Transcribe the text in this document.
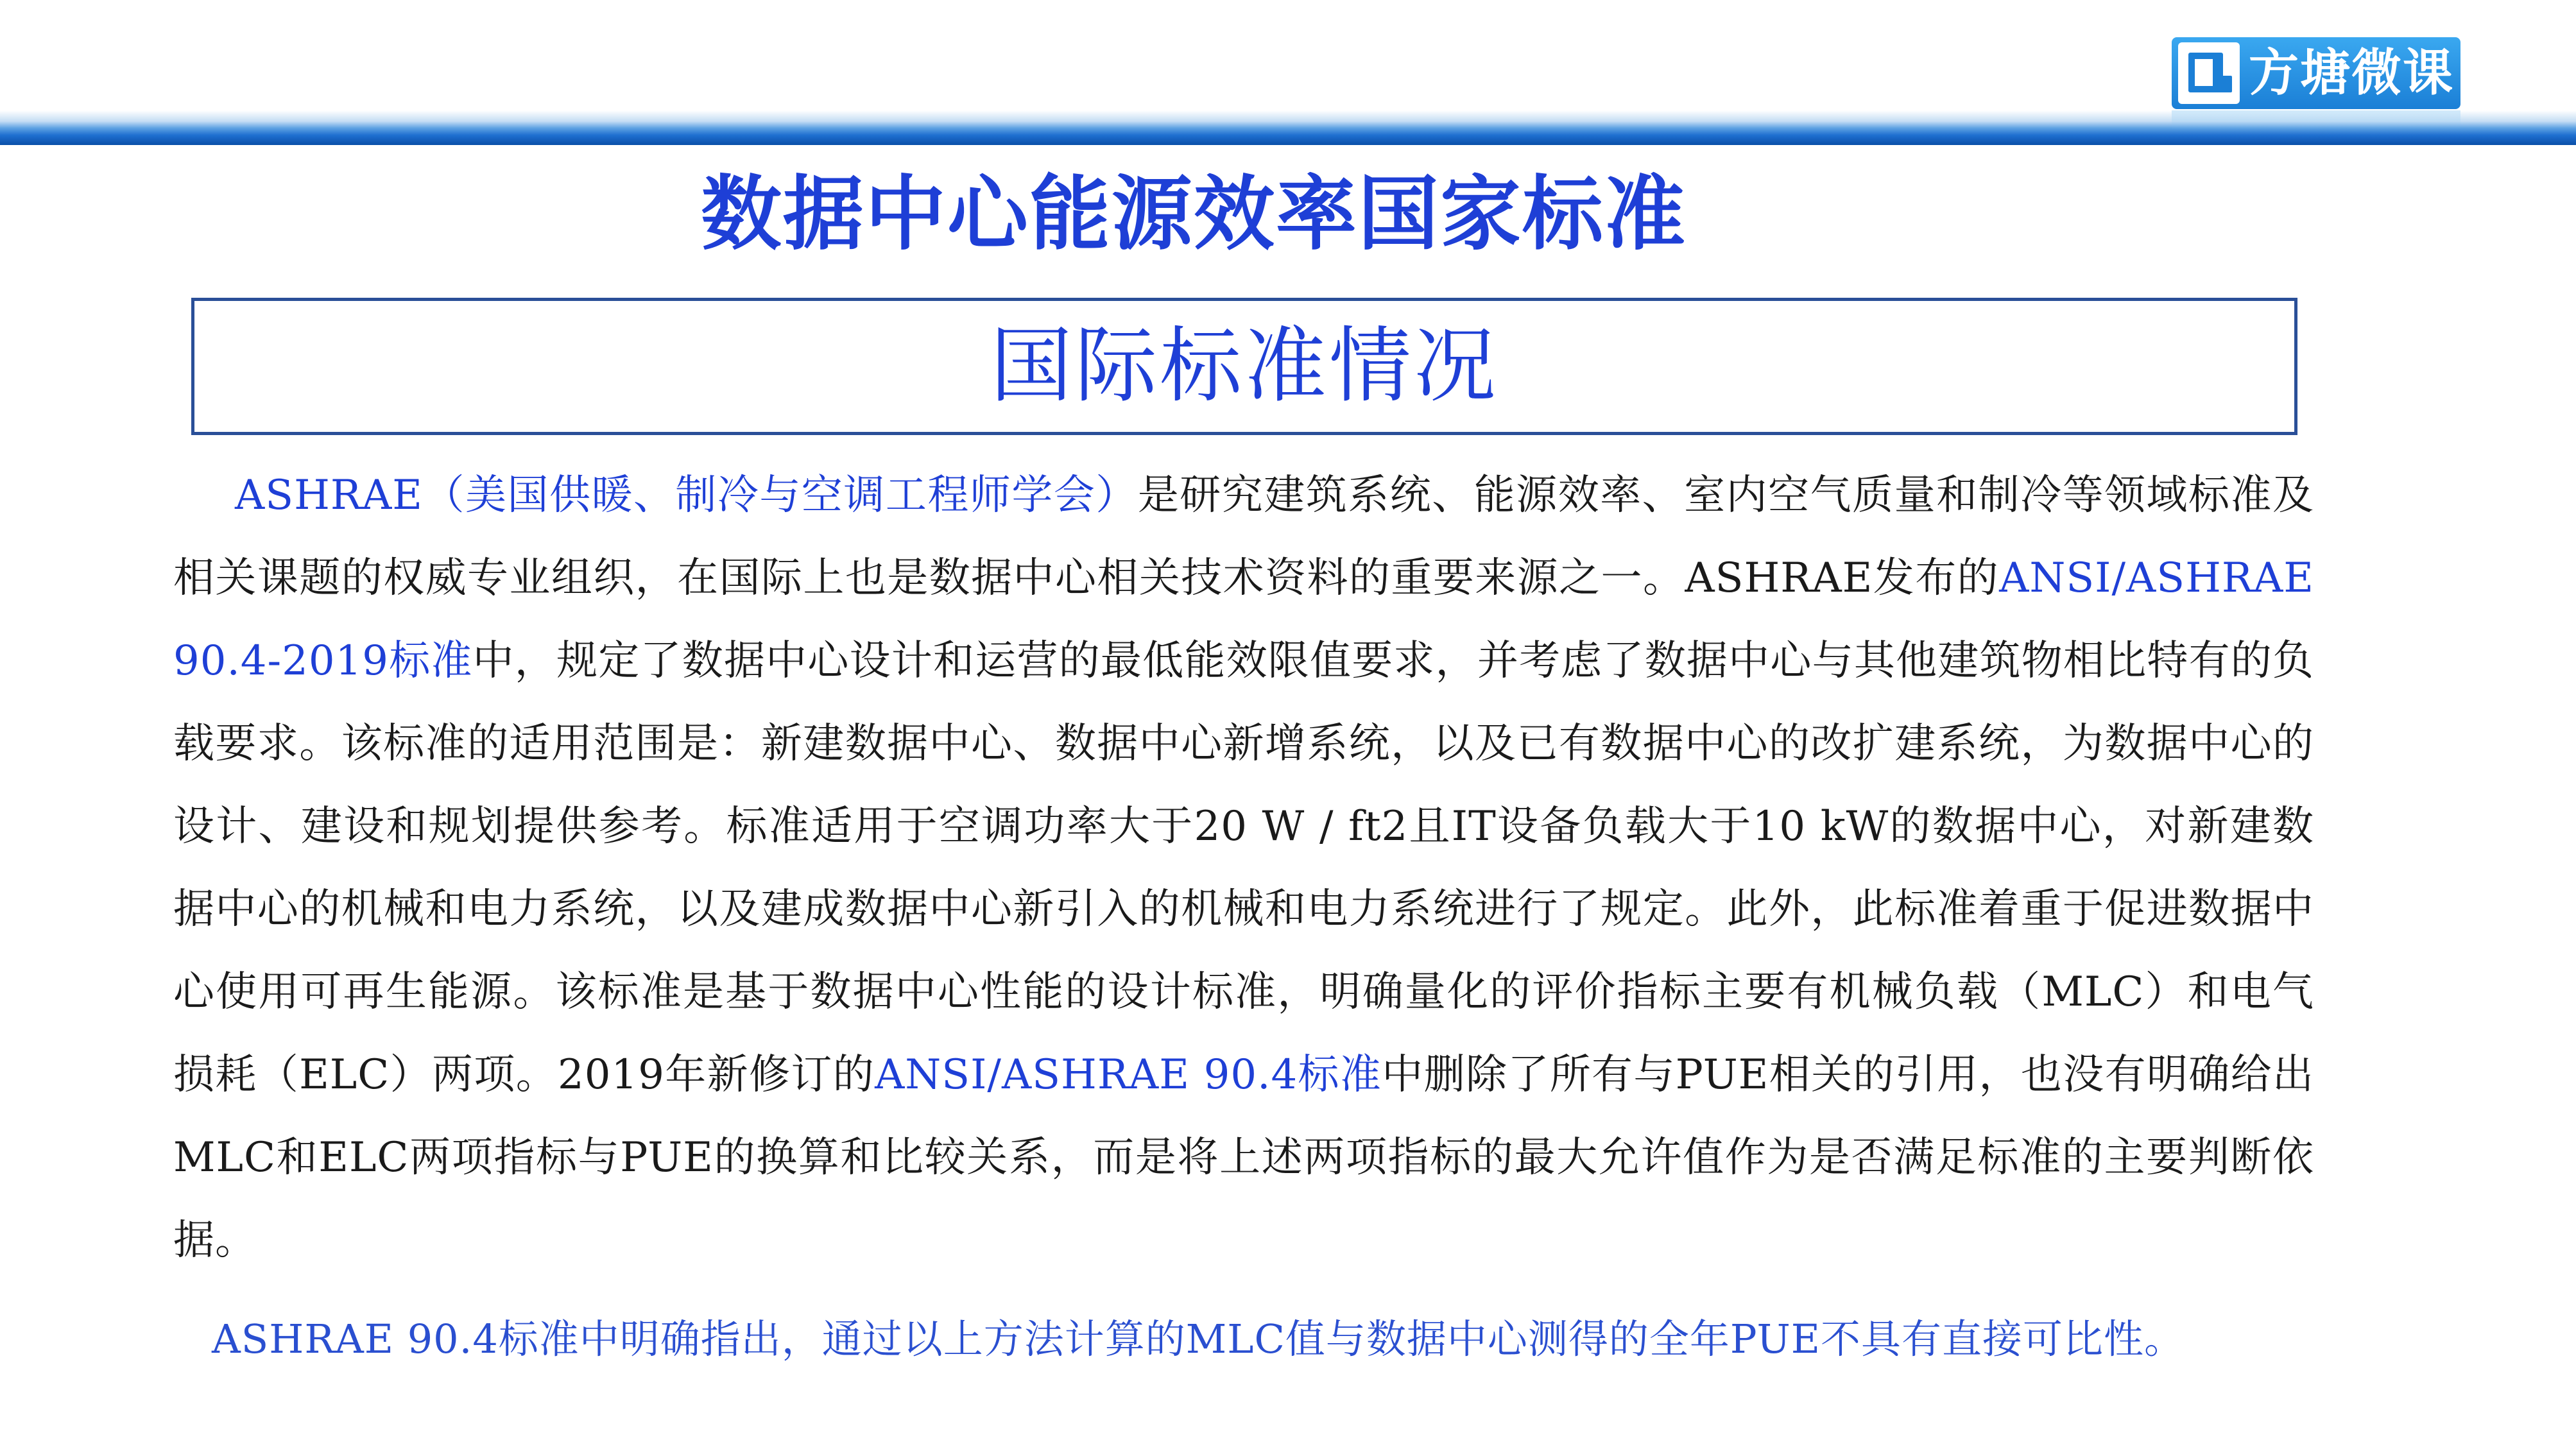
方塘微课
数据中心能源效率国家标准
国际标准情况

ASHRAE（美国供暖、制冷与空调工程师学会）是研究建筑系统、能源效率、室内空气质量和制冷等领域标准及相关课题的权威专业组织，在国际上也是数据中心相关技术资料的重要来源之一。ASHRAE发布的ANSI/ASHRAE 90.4-2019标准中，规定了数据中心设计和运营的最低能效限值要求，并考虑了数据中心与其他建筑物相比特有的负载要求。该标准的适用范围是：新建数据中心、数据中心新增系统，以及已有数据中心的改扩建系统，为数据中心的设计、建设和规划提供参考。标准适用于空调功率大于20 W / ft2且IT设备负载大于10 kW的数据中心，对新建数据中心的机械和电力系统，以及建成数据中心新引入的机械和电力系统进行了规定。此外，此标准着重于促进数据中心使用可再生能源。该标准是基于数据中心性能的设计标准，明确量化的评价指标主要有机械负载（MLC）和电气损耗（ELC）两项。2019年新修订的ANSI/ASHRAE 90.4标准中删除了所有与PUE相关的引用，也没有明确给出MLC和ELC两项指标与PUE的换算和比较关系，而是将上述两项指标的最大允许值作为是否满足标准的主要判断依据。

ASHRAE 90.4标准中明确指出，通过以上方法计算的MLC值与数据中心测得的全年PUE不具有直接可比性。
